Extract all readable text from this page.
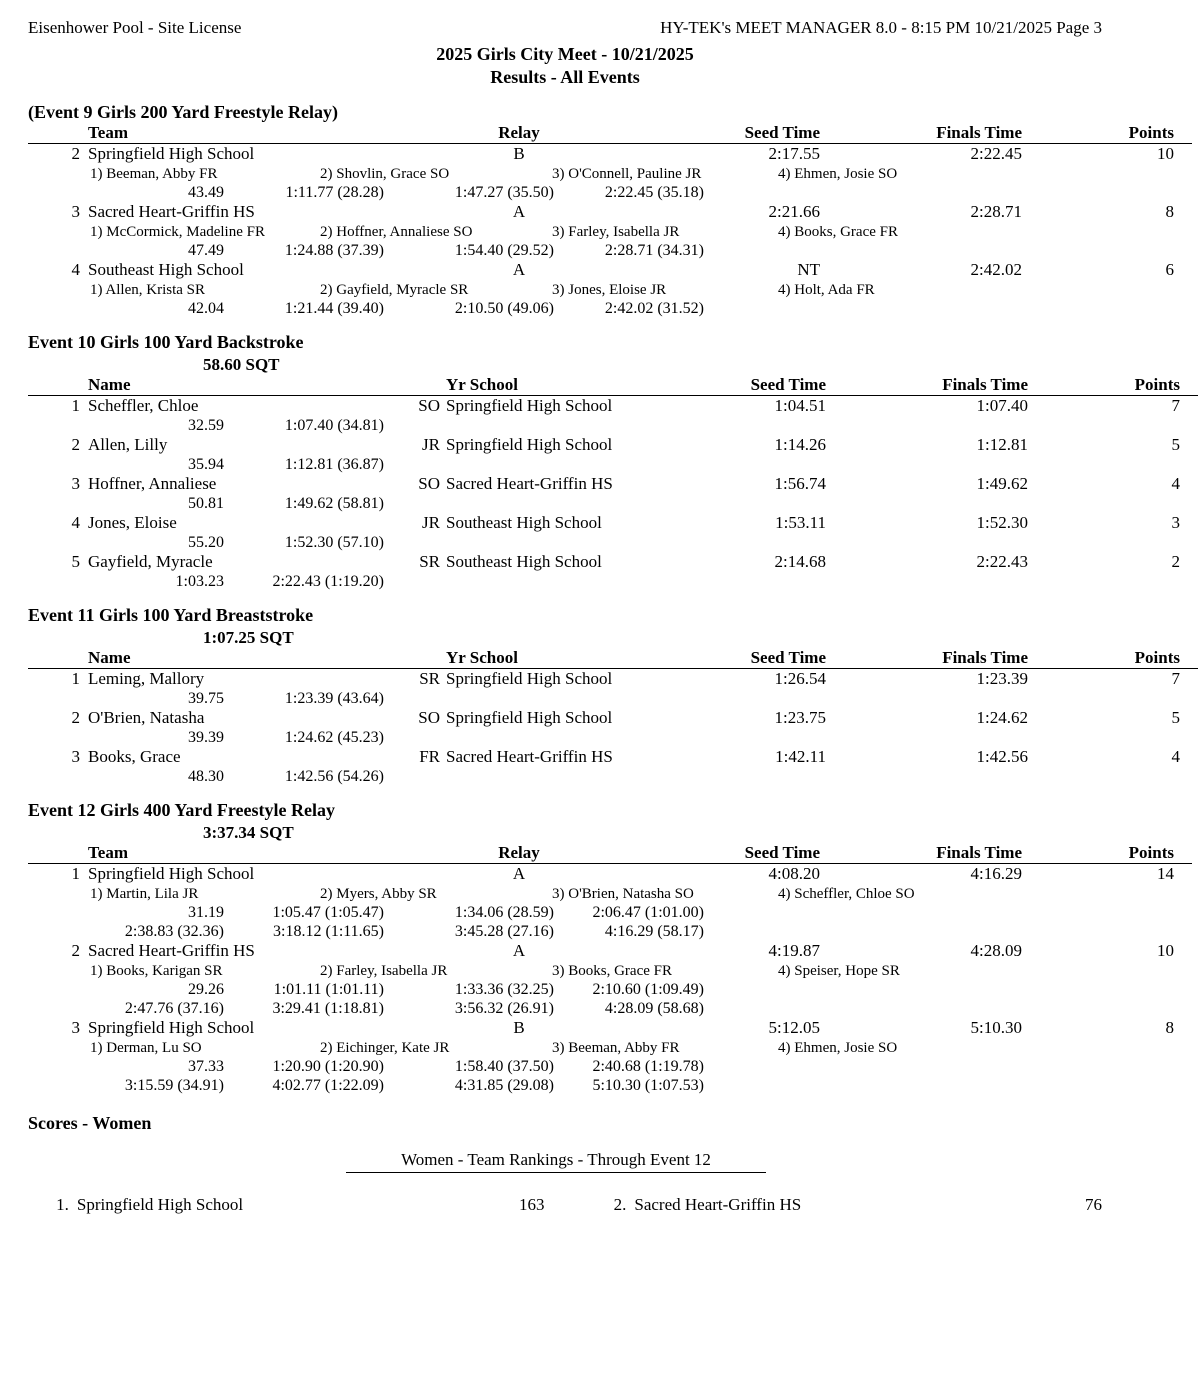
Eisenhower Pool - Site License	HY-TEK's MEET MANAGER 8.0 - 8:15 PM 10/21/2025 Page 3
2025 Girls City Meet - 10/21/2025
Results - All Events
(Event 9 Girls 200 Yard Freestyle Relay)
	Team	Relay	Seed Time	Finals Time	Points
2	Springfield High School	B	2:17.55	2:22.45	10
1) Beeman, Abby FR	2) Shovlin, Grace SO	3) O'Connell, Pauline JR	4) Ehmen, Josie SO
43.49	1:11.77 (28.28)	1:47.27 (35.50)	2:22.45 (35.18)
3	Sacred Heart-Griffin HS	A	2:21.66	2:28.71	8
1) McCormick, Madeline FR	2) Hoffner, Annaliese SO	3) Farley, Isabella JR	4) Books, Grace FR
47.49	1:24.88 (37.39)	1:54.40 (29.52)	2:28.71 (34.31)
4	Southeast High School	A	NT	2:42.02	6
1) Allen, Krista SR	2) Gayfield, Myracle SR	3) Jones, Eloise JR	4) Holt, Ada FR
42.04	1:21.44 (39.40)	2:10.50 (49.06)	2:42.02 (31.52)
Event 10 Girls 100 Yard Backstroke
58.60 SQT
	Name		Yr School	Seed Time	Finals Time	Points
1	Scheffler, Chloe	SO	Springfield High School	1:04.51	1:07.40	7
32.59	1:07.40 (34.81)
2	Allen, Lilly	JR	Springfield High School	1:14.26	1:12.81	5
35.94	1:12.81 (36.87)
3	Hoffner, Annaliese	SO	Sacred Heart-Griffin HS	1:56.74	1:49.62	4
50.81	1:49.62 (58.81)
4	Jones, Eloise	JR	Southeast High School	1:53.11	1:52.30	3
55.20	1:52.30 (57.10)
5	Gayfield, Myracle	SR	Southeast High School	2:14.68	2:22.43	2
1:03.23	2:22.43 (1:19.20)
Event 11 Girls 100 Yard Breaststroke
1:07.25 SQT
	Name		Yr School	Seed Time	Finals Time	Points
1	Leming, Mallory	SR	Springfield High School	1:26.54	1:23.39	7
39.75	1:23.39 (43.64)
2	O'Brien, Natasha	SO	Springfield High School	1:23.75	1:24.62	5
39.39	1:24.62 (45.23)
3	Books, Grace	FR	Sacred Heart-Griffin HS	1:42.11	1:42.56	4
48.30	1:42.56 (54.26)
Event 12 Girls 400 Yard Freestyle Relay
3:37.34 SQT
	Team	Relay	Seed Time	Finals Time	Points
1	Springfield High School	A	4:08.20	4:16.29	14
1) Martin, Lila JR	2) Myers, Abby SR	3) O'Brien, Natasha SO	4) Scheffler, Chloe SO
31.19	1:05.47 (1:05.47)	1:34.06 (28.59)	2:06.47 (1:01.00)
2:38.83 (32.36)	3:18.12 (1:11.65)	3:45.28 (27.16)	4:16.29 (58.17)
2	Sacred Heart-Griffin HS	A	4:19.87	4:28.09	10
1) Books, Karigan SR	2) Farley, Isabella JR	3) Books, Grace FR	4) Speiser, Hope SR
29.26	1:01.11 (1:01.11)	1:33.36 (32.25)	2:10.60 (1:09.49)
2:47.76 (37.16)	3:29.41 (1:18.81)	3:56.32 (26.91)	4:28.09 (58.68)
3	Springfield High School	B	5:12.05	5:10.30	8
1) Derman, Lu SO	2) Eichinger, Kate JR	3) Beeman, Abby FR	4) Ehmen, Josie SO
37.33	1:20.90 (1:20.90)	1:58.40 (37.50)	2:40.68 (1:19.78)
3:15.59 (34.91)	4:02.77 (1:22.09)	4:31.85 (29.08)	5:10.30 (1:07.53)
Scores - Women
Women - Team Rankings - Through Event 12
1. Springfield High School	163	2. Sacred Heart-Griffin HS	76
